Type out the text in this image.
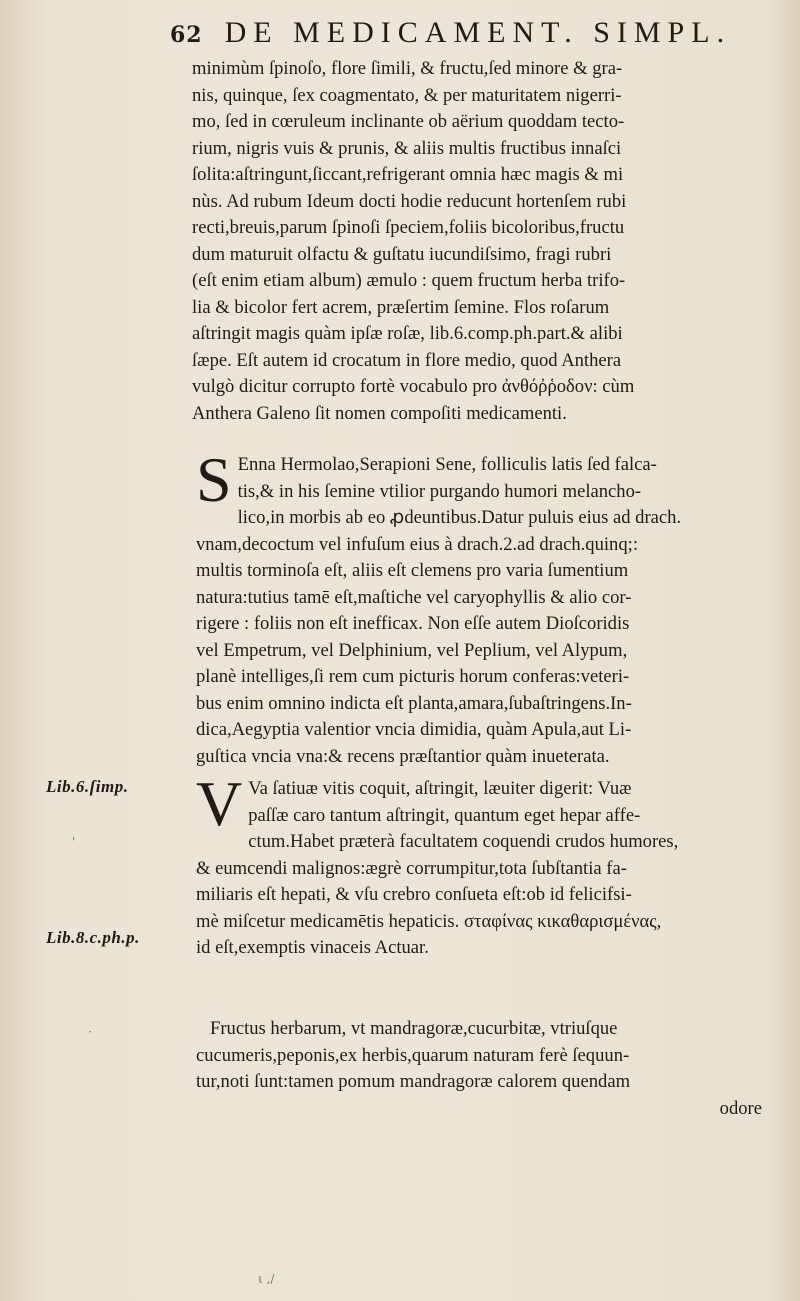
62 DE MEDICAMENT. SIMPL.
minimùm ſpinoſo, flore ſimili, & fructu,ſed minore & gra-
nis, quinque, ſex coagmentato, & per maturitatem nigerri-
mo, ſed in cœruleum inclinante ob aërium quoddam tecto-
rium, nigris vuis & prunis, & aliis multis fructibus innaſci
ſolita:aſtringunt,ſiccant,refrigerant omnia hæc magis & mi
nùs. Ad rubum Ideum docti hodie reducunt hortenſem rubi
recti,breuis,parum ſpinoſi ſpeciem,foliis bicoloribus,fructu
dum maturuit olfactu & guſtatu iucundiſsimo, fragi rubri
(eſt enim etiam album) æmulo : quem fructum herba trifo-
lia & bicolor fert acrem, præſertim ſemine. Flos roſarum
aſtringit magis quàm ipſæ roſæ, lib.6.comp.ph.part.& alibi
ſæpe. Eſt autem id crocatum in flore medio, quod Anthera
vulgò dicitur corrupto fortè vocabulo pro ἀνθόῤῥοδον: cùm
Anthera Galeno ſit nomen compoſiti medicamenti.
S Enna Hermolao,Serapioni Sene, folliculis latis ſed falca-
tis,& in his ſemine vtilior purgando humori melancho-
lico,in morbis ab eo ꝓdeuntibus.Datur puluis eius ad drach.
vnam,decoctum vel infuſum eius à drach.2.ad drach.quinq;:
multis torminoſa eſt, aliis eſt clemens pro varia ſumentium
natura:tutius tamē eſt,maſtiche vel caryophyllis & alio cor-
rigere : foliis non eſt inefficax. Non eſſe autem Dioſcoridis
vel Empetrum, vel Delphinium, vel Peplium, vel Alypum,
planè intelliges,ſi rem cum picturis horum conferas:veteri-
bus enim omnino indicta eſt planta,amara,ſubaſtringens.In-
dica,Aegyptia valentior vncia dimidia, quàm Apula,aut Li-
guſtica vncia vna:& recens præſtantior quàm inueterata.
Lib.6.ſimp.
'
Lib.8.c.ph.p.
V Va ſatiuæ vitis coquit, aſtringit, læuiter digerit: Vuæ
paſſæ caro tantum aſtringit, quantum eget hepar affe-
ctum.Habet præterà facultatem coquendi crudos humores,
& eumcendi malignos:ægrè corrumpitur,tota ſubſtantia fa-
miliaris eſt hepati, & vſu crebro conſueta eſt:ob id felicifsi-
mè miſcetur medicamētis hepaticis. σταφίνας κικαθαρισμένας,
id eſt,exemptis vinaceis Actuar.
Fructus herbarum, vt mandragoræ,cucurbitæ, vtriuſque
cucumeris,peponis,ex herbis,quarum naturam ferè ſequun-
tur,noti ſunt:tamen pomum mandragoræ calorem quendam
odore
·
ι ,/
